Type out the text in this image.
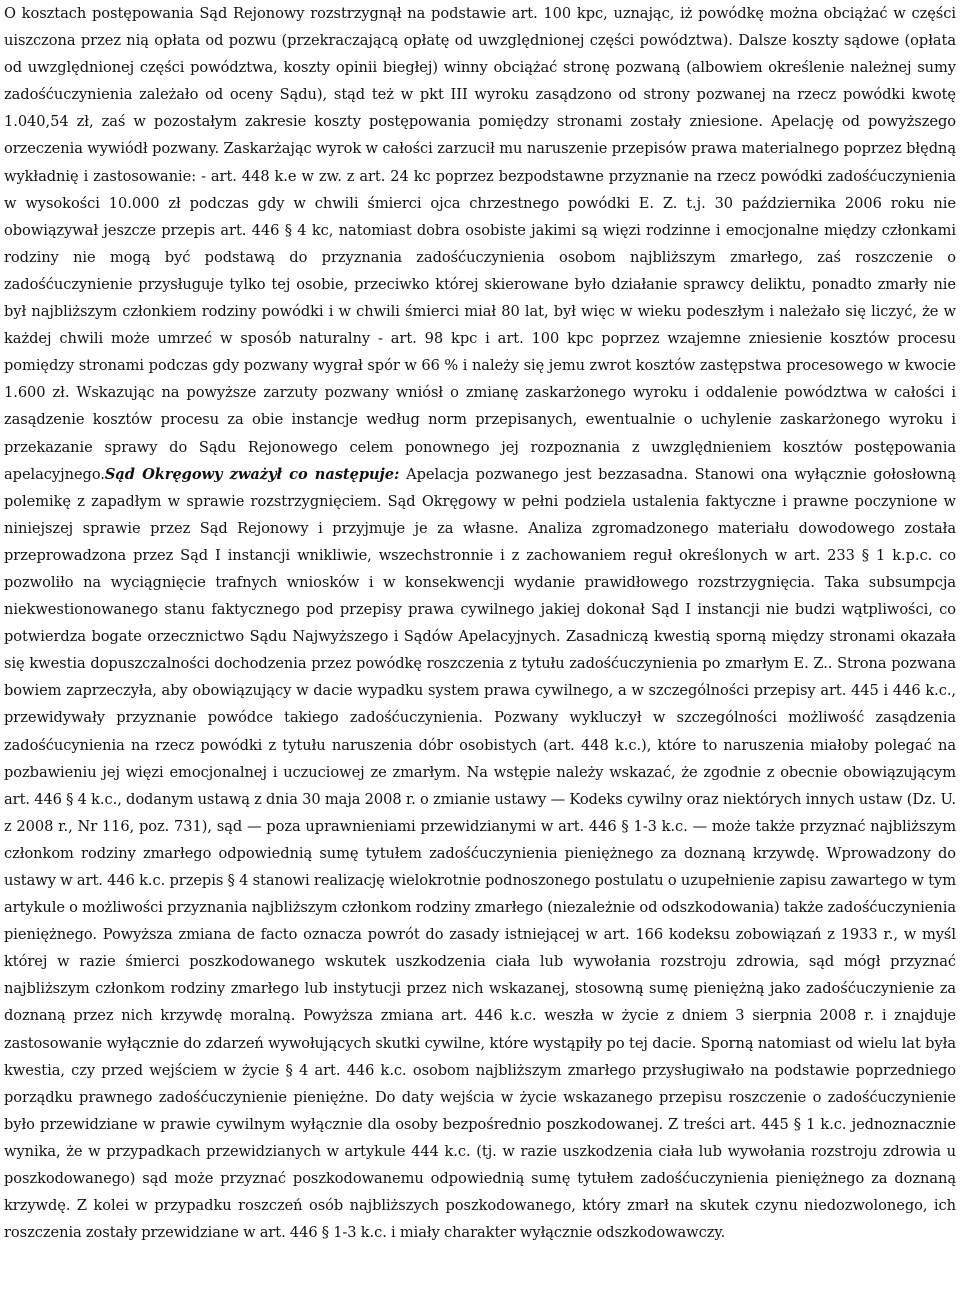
O kosztach postępowania Sąd Rejonowy rozstrzygnął na podstawie art. 100 kpc, uznając, iż powódkę można obciążać w części uiszczona przez nią opłata od pozwu (przekraczającą opłatę od uwzględnionej części powództwa). Dalsze koszty sądowe (opłata od uwzględnionej części powództwa, koszty opinii biegłej) winny obciążać stronę pozwaną (albowiem określenie należnej sumy zadośćuczynienia zależało od oceny Sądu), stąd też w pkt III wyroku zasądzono od strony pozwanej na rzecz powódki kwotę 1.040,54 zł, zaś w pozostałym zakresie koszty postępowania pomiędzy stronami zostały zniesione. Apelację od powyższego orzeczenia wywiódł pozwany. Zaskarżając wyrok w całości zarzucił mu naruszenie przepisów prawa materialnego poprzez błędną wykładnię i zastosowanie: - art. 448 k.e w zw. z art. 24 kc poprzez bezpodstawne przyznanie na rzecz powódki zadośćuczynienia w wysokości 10.000 zł podczas gdy w chwili śmierci ojca chrzestnego powódki E. Z. t.j. 30 października 2006 roku nie obowiązywał jeszcze przepis art. 446 § 4 kc, natomiast dobra osobiste jakimi są więzi rodzinne i emocjonalne między członkami rodziny nie mogą być podstawą do przyznania zadośćuczynienia osobom najbliższym zmarłego, zaś roszczenie o zadośćuczynienie przysługuje tylko tej osobie, przeciwko której skierowane było działanie sprawcy deliktu, ponadto zmarły nie był najbliższym członkiem rodziny powódki i w chwili śmierci miał 80 lat, był więc w wieku podeszłym i należało się liczyć, że w każdej chwili może umrzeć w sposób naturalny - art. 98 kpc i art. 100 kpc poprzez wzajemne zniesienie kosztów procesu pomiędzy stronami podczas gdy pozwany wygrał spór w 66 % i należy się jemu zwrot kosztów zastępstwa procesowego w kwocie 1.600 zł. Wskazując na powyższe zarzuty pozwany wniósł o zmianę zaskarżonego wyroku i oddalenie powództwa w całości i zasądzenie kosztów procesu za obie instancje według norm przepisanych, ewentualnie o uchylenie zaskarżonego wyroku i przekazanie sprawy do Sądu Rejonowego celem ponownego jej rozpoznania z uwzględnieniem kosztów postępowania apelacyjnego.Sąd Okręgowy zważył co następuje: Apelacja pozwanego jest bezzasadna. Stanowi ona wyłącznie gołosłowną polemikę z zapadłym w sprawie rozstrzygnięciem. Sąd Okręgowy w pełni podziela ustalenia faktyczne i prawne poczynione w niniejszej sprawie przez Sąd Rejonowy i przyjmuje je za własne. Analiza zgromadzonego materiału dowodowego została przeprowadzona przez Sąd I instancji wnikliwie, wszechstronnie i z zachowaniem reguł określonych w art. 233 § 1 k.p.c. co pozwoliło na wyciągnięcie trafnych wniosków i w konsekwencji wydanie prawidłowego rozstrzygnięcia. Taka subsumpcja niekwestionowanego stanu faktycznego pod przepisy prawa cywilnego jakiej dokonał Sąd I instancji nie budzi wątpliwości, co potwierdza bogate orzecznictwo Sądu Najwyższego i Sądów Apelacyjnych. Zasadniczą kwestią sporną między stronami okazała się kwestia dopuszczalności dochodzenia przez powódkę roszczenia z tytułu zadośćuczynienia po zmarłym E. Z.. Strona pozwana bowiem zaprzeczyła, aby obowiązujący w dacie wypadku system prawa cywilnego, a w szczególności przepisy art. 445 i 446 k.c., przewidywały przyznanie powódce takiego zadośćuczynienia. Pozwany wykluczył w szczególności możliwość zasądzenia zadośćucynienia na rzecz powódki z tytułu naruszenia dóbr osobistych (art. 448 k.c.), które to naruszenia miałoby polegać na pozbawieniu jej więzi emocjonalnej i uczuciowej ze zmarłym. Na wstępie należy wskazać, że zgodnie z obecnie obowiązującym art. 446 § 4 k.c., dodanym ustawą z dnia 30 maja 2008 r. o zmianie ustawy — Kodeks cywilny oraz niektórych innych ustaw (Dz. U. z 2008 r., Nr 116, poz. 731), sąd — poza uprawnieniami przewidzianymi w art. 446 § 1-3 k.c. — może także przyznać najbliższym członkom rodziny zmarłego odpowiednią sumę tytułem zadośćuczynienia pieniężnego za doznaną krzywdę. Wprowadzony do ustawy w art. 446 k.c. przepis § 4 stanowi realizację wielokrotnie podnoszonego postulatu o uzupełnienie zapisu zawartego w tym artykule o możliwości przyznania najbliższym członkom rodziny zmarłego (niezależnie od odszkodowania) także zadośćuczynienia pieniężnego. Powyższa zmiana de facto oznacza powrót do zasady istniejącej w art. 166 kodeksu zobowiązań z 1933 r., w myśl której w razie śmierci poszkodowanego wskutek uszkodzenia ciała lub wywołania rozstroju zdrowia, sąd mógł przyznać najbliższym członkom rodziny zmarłego lub instytucji przez nich wskazanej, stosowną sumę pieniężną jako zadośćuczynienie za doznaną przez nich krzywdę moralną. Powyższa zmiana art. 446 k.c. weszła w życie z dniem 3 sierpnia 2008 r. i znajduje zastosowanie wyłącznie do zdarzeń wywołujących skutki cywilne, które wystąpiły po tej dacie. Sporną natomiast od wielu lat była kwestia, czy przed wejściem w życie § 4 art. 446 k.c. osobom najbliższym zmarłego przysługiwało na podstawie poprzedniego porządku prawnego zadośćuczynienie pieniężne. Do daty wejścia w życie wskazanego przepisu roszczenie o zadośćuczynienie było przewidziane w prawie cywilnym wyłącznie dla osoby bezpośrednio poszkodowanej. Z treści art. 445 § 1 k.c. jednoznacznie wynika, że w przypadkach przewidzianych w artykule 444 k.c. (tj. w razie uszkodzenia ciała lub wywołania rozstroju zdrowia u poszkodowanego) sąd może przyznać poszkodowanemu odpowiednią sumę tytułem zadośćuczynienia pieniężnego za doznaną krzywdę. Z kolei w przypadku roszczeń osób najbliższych poszkodowanego, który zmarł na skutek czynu niedozwolonego, ich roszczenia zostały przewidziane w art. 446 § 1-3 k.c. i miały charakter wyłącznie odszkodowawczy.
